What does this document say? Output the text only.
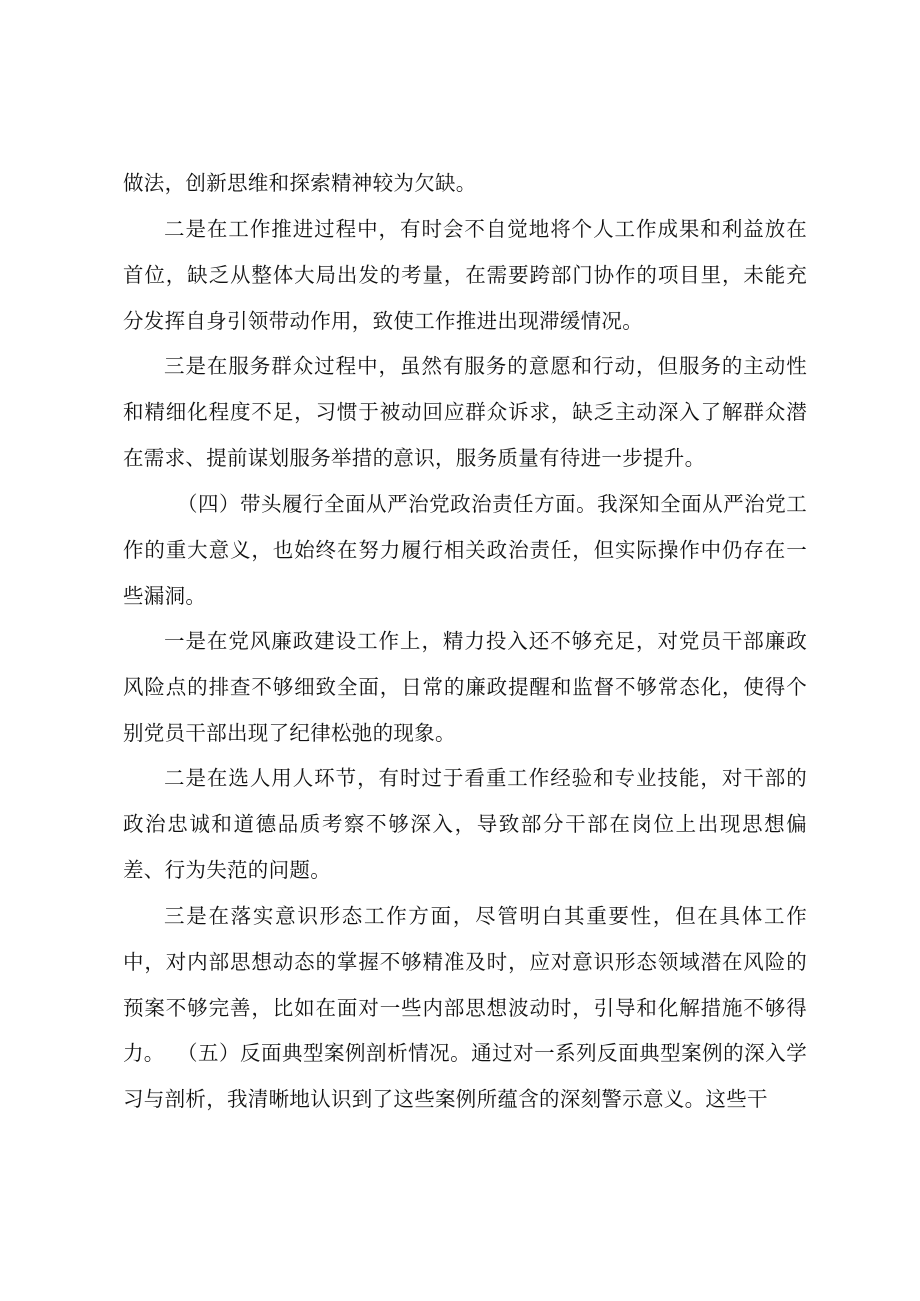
做法，创新思维和探索精神较为欠缺。

二是在工作推进过程中，有时会不自觉地将个人工作成果和利益放在首位，缺乏从整体大局出发的考量，在需要跨部门协作的项目里，未能充分发挥自身引领带动作用，致使工作推进出现滞缓情况。

三是在服务群众过程中，虽然有服务的意愿和行动，但服务的主动性和精细化程度不足，习惯于被动回应群众诉求，缺乏主动深入了解群众潜在需求、提前谋划服务举措的意识，服务质量有待进一步提升。

（四）带头履行全面从严治党政治责任方面。我深知全面从严治党工作的重大意义，也始终在努力履行相关政治责任，但实际操作中仍存在一些漏洞。

一是在党风廉政建设工作上，精力投入还不够充足，对党员干部廉政风险点的排查不够细致全面，日常的廉政提醒和监督不够常态化，使得个别党员干部出现了纪律松弛的现象。

二是在选人用人环节，有时过于看重工作经验和专业技能，对干部的政治忠诚和道德品质考察不够深入，导致部分干部在岗位上出现思想偏差、行为失范的问题。

三是在落实意识形态工作方面，尽管明白其重要性，但在具体工作中，对内部思想动态的掌握不够精准及时，应对意识形态领域潜在风险的预案不够完善，比如在面对一些内部思想波动时，引导和化解措施不够得力。 （五）反面典型案例剖析情况。通过对一系列反面典型案例的深入学习与剖析，我清晰地认识到了这些案例所蕴含的深刻警示意义。这些干
